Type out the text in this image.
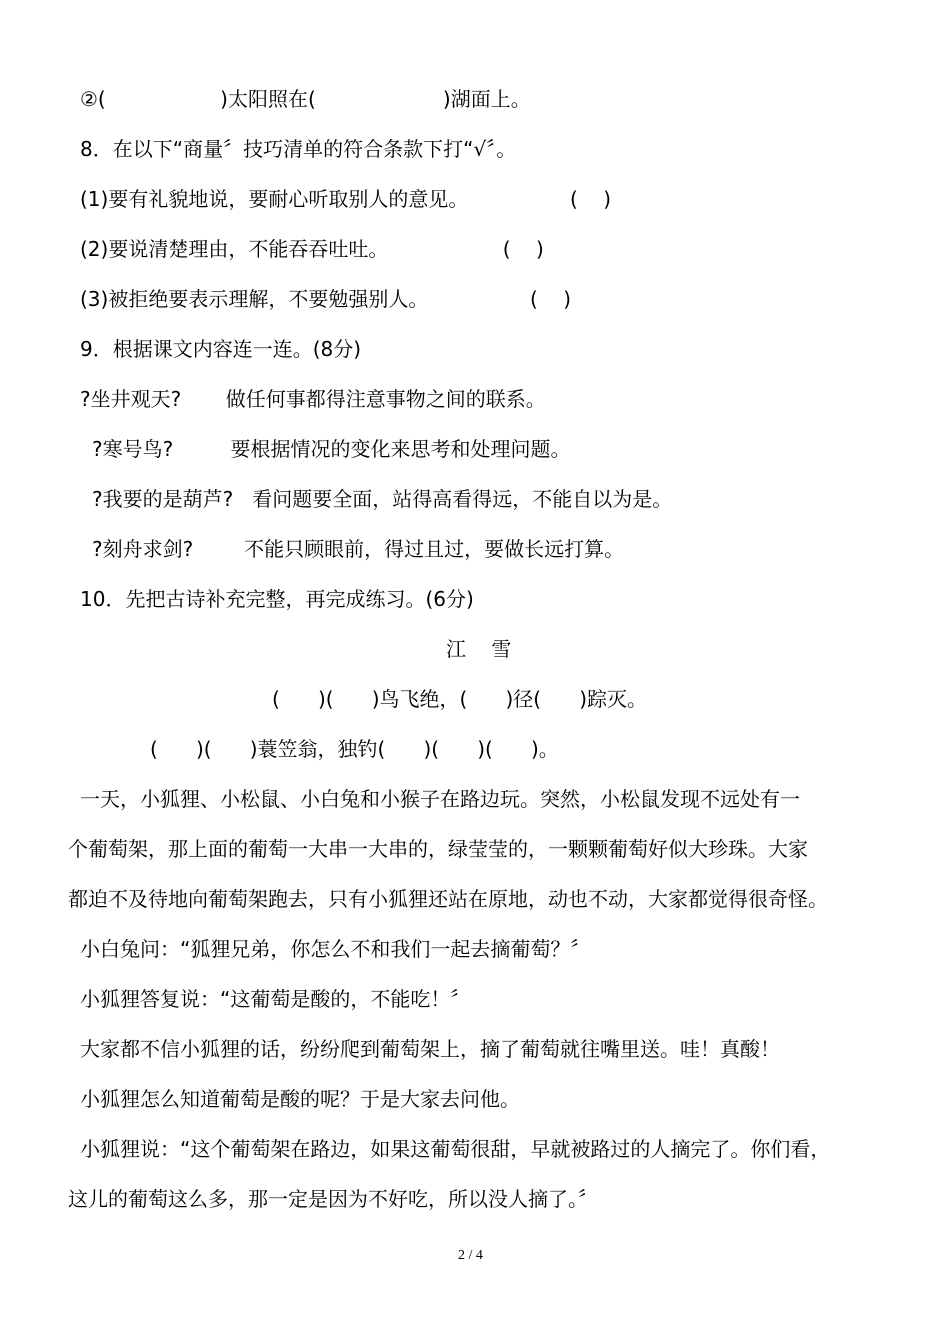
②(                  )太阳照在(                    )湖面上。
8．在以下“商量〞技巧清单的符合条款下打“√〞。
(1)要有礼貌地说，要耐心听取别人的意见。                (    )
(2)要说清楚理由，不能吞吞吐吐。                  (    )
(3)被拒绝要表示理解，不要勉强别人。                (    )
9．根据课文内容连一连。(8分)
?坐井观天?       做任何事都得注意事物之间的联系。
?寒号鸟?         要根据情况的变化来思考和处理问题。
?我要的是葫芦?   看问题要全面，站得高看得远，不能自以为是。
?刻舟求剑?        不能只顾眼前，得过且过，要做长远打算。
10．先把古诗补充完整，再完成练习。(6分)
江    雪
(      )(      )鸟飞绝，(      )径(      )踪灭。
(      )(      )蓑笠翁，独钓(      )(      )(      )。
一天，小狐狸、小松鼠、小白兔和小猴子在路边玩。突然，小松鼠发现不远处有一
个葡萄架，那上面的葡萄一大串一大串的，绿莹莹的，一颗颗葡萄好似大珍珠。大家
都迫不及待地向葡萄架跑去，只有小狐狸还站在原地，动也不动，大家都觉得很奇怪。
小白兔问：“狐狸兄弟，你怎么不和我们一起去摘葡萄？〞
小狐狸答复说：“这葡萄是酸的，不能吃！〞
大家都不信小狐狸的话，纷纷爬到葡萄架上，摘了葡萄就往嘴里送。哇！真酸！
小狐狸怎么知道葡萄是酸的呢？于是大家去问他。
小狐狸说：“这个葡萄架在路边，如果这葡萄很甜，早就被路过的人摘完了。你们看，
这儿的葡萄这么多，那一定是因为不好吃，所以没人摘了。〞
2 / 4
